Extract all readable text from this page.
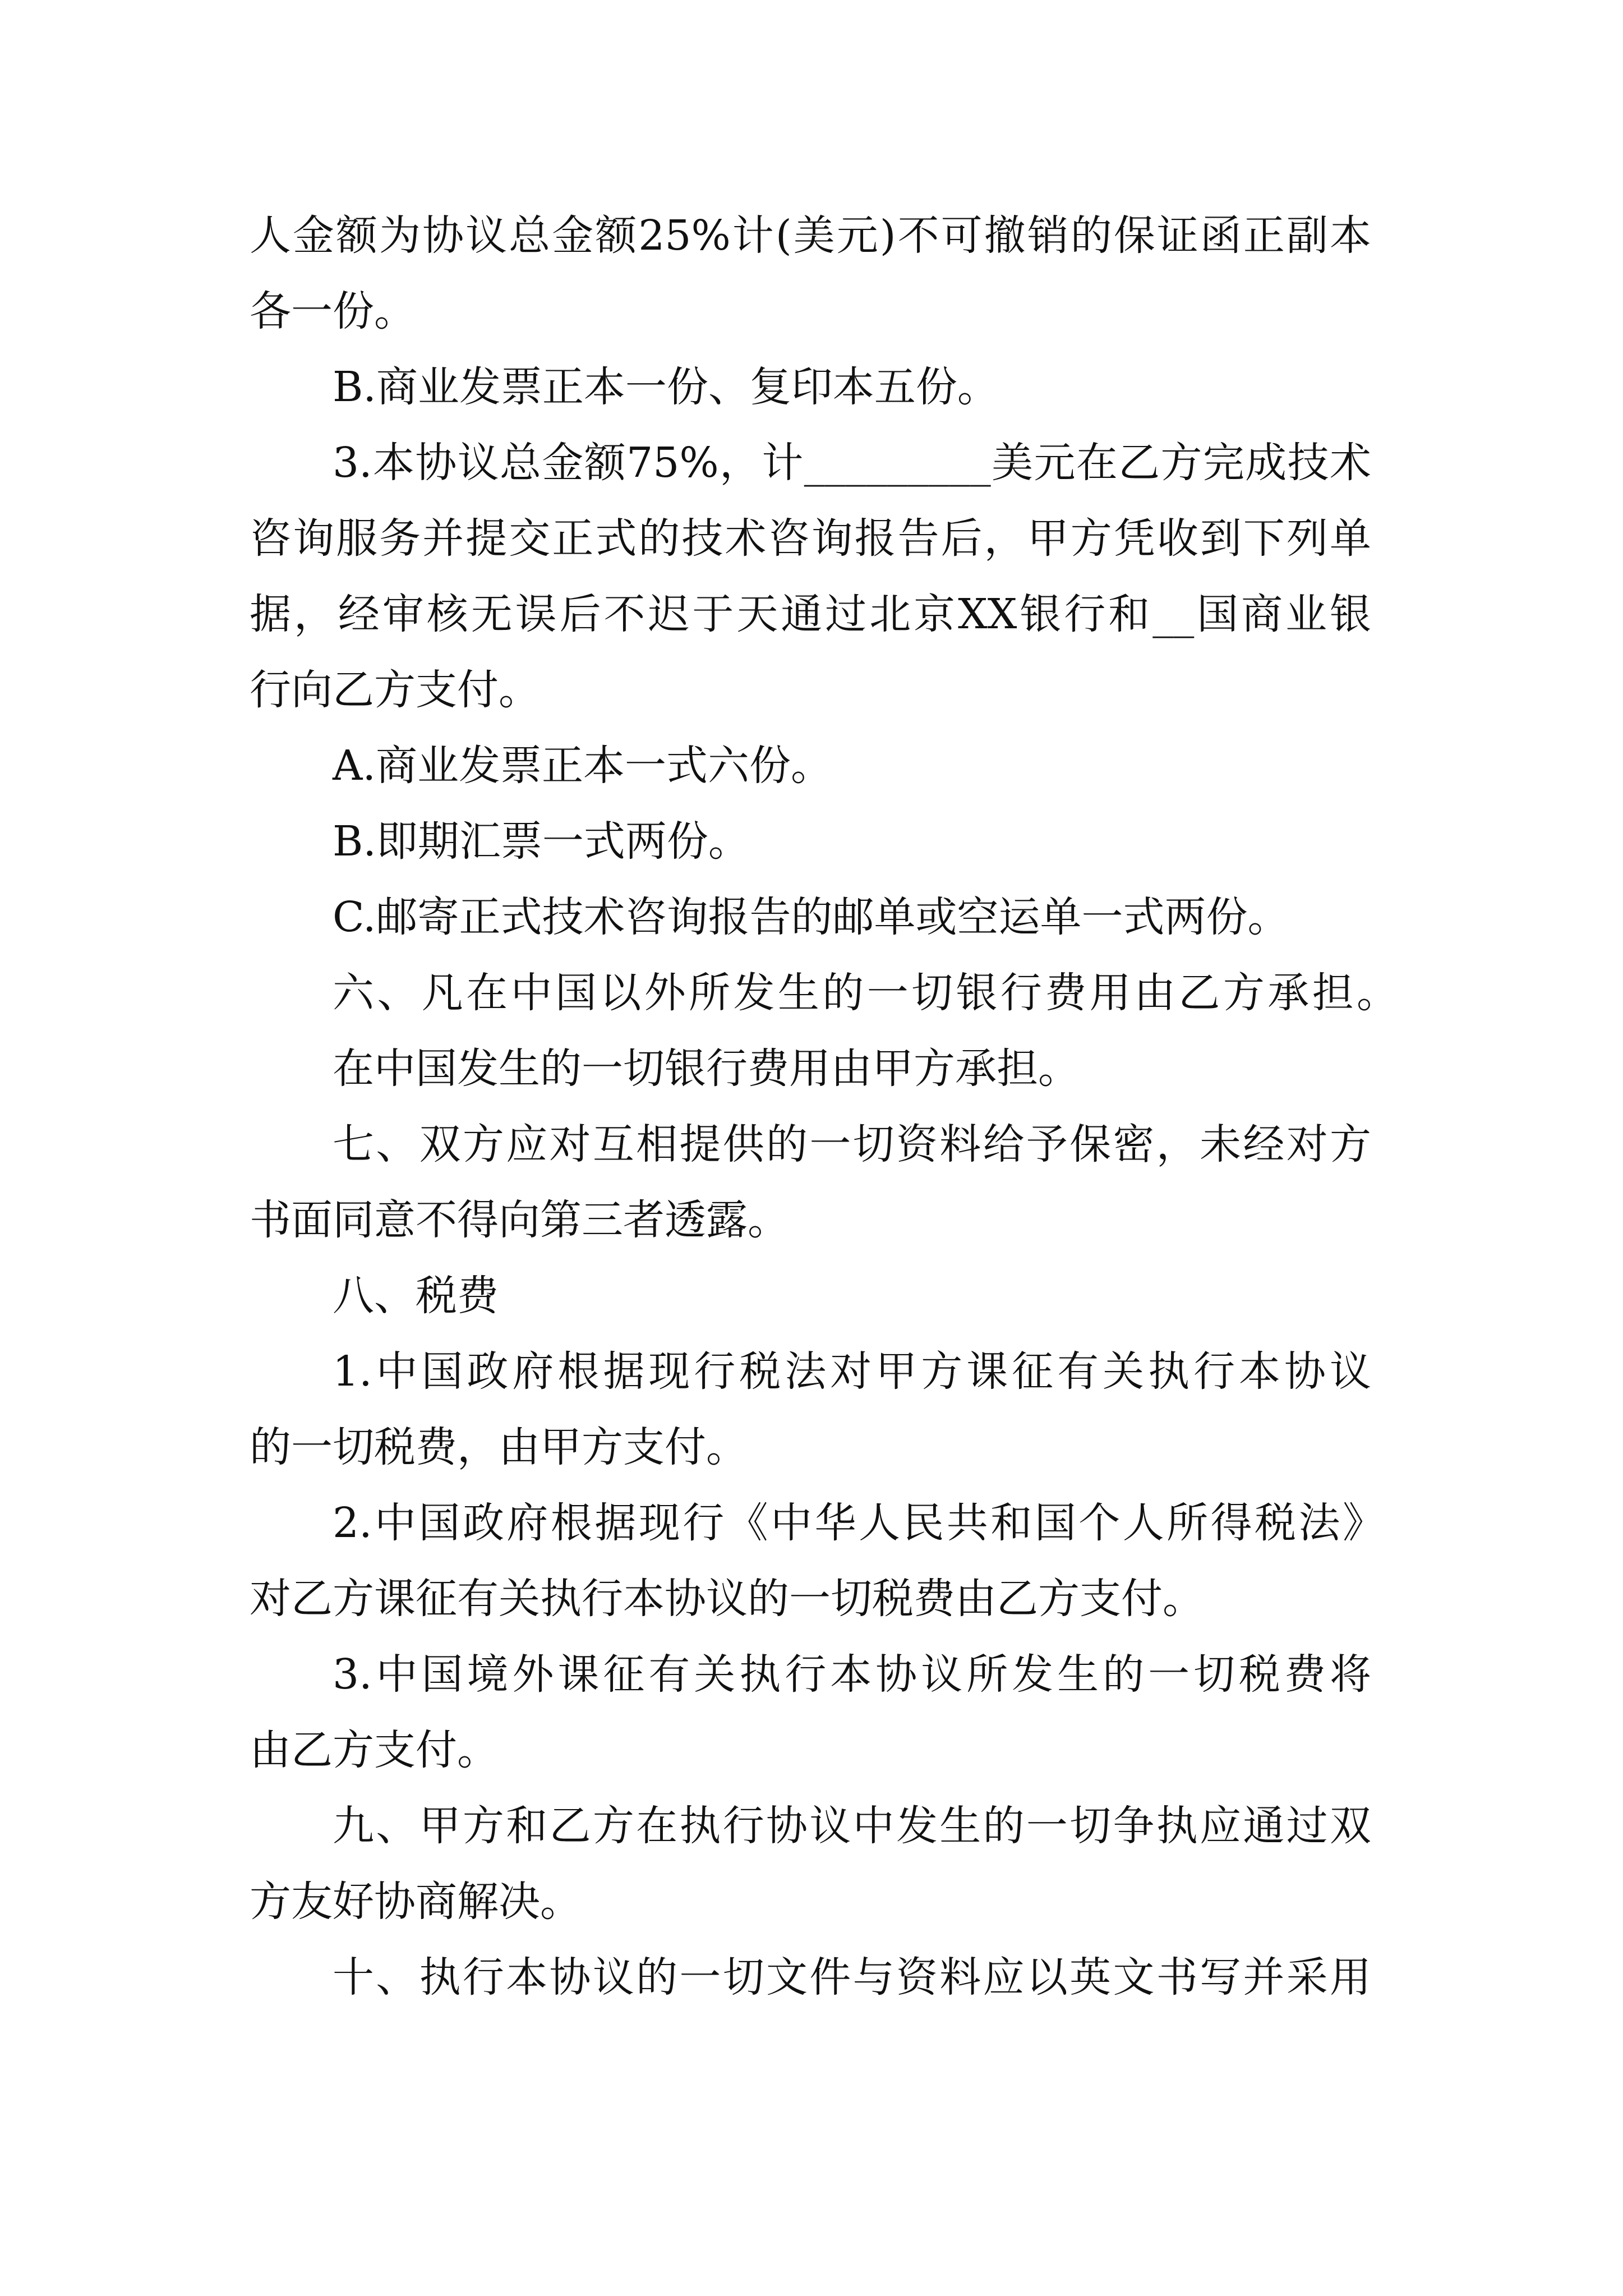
人金额为协议总金额25%计(美元)不可撤销的保证函正副本

各一份。

B.商业发票正本一份、复印本五份。

3.本协议总金额75%，计_________美元在乙方完成技术

咨询服务并提交正式的技术咨询报告后，甲方凭收到下列单

据，经审核无误后不迟于天通过北京XX银行和__国商业银

行向乙方支付。

A.商业发票正本一式六份。

B.即期汇票一式两份。

C.邮寄正式技术咨询报告的邮单或空运单一式两份。

六、凡在中国以外所发生的一切银行费用由乙方承担。

在中国发生的一切银行费用由甲方承担。

七、双方应对互相提供的一切资料给予保密，未经对方

书面同意不得向第三者透露。

八、税费

1.中国政府根据现行税法对甲方课征有关执行本协议

的一切税费，由甲方支付。

2.中国政府根据现行《中华人民共和国个人所得税法》

对乙方课征有关执行本协议的一切税费由乙方支付。

3.中国境外课征有关执行本协议所发生的一切税费将

由乙方支付。

九、甲方和乙方在执行协议中发生的一切争执应通过双

方友好协商解决。

十、执行本协议的一切文件与资料应以英文书写并采用
